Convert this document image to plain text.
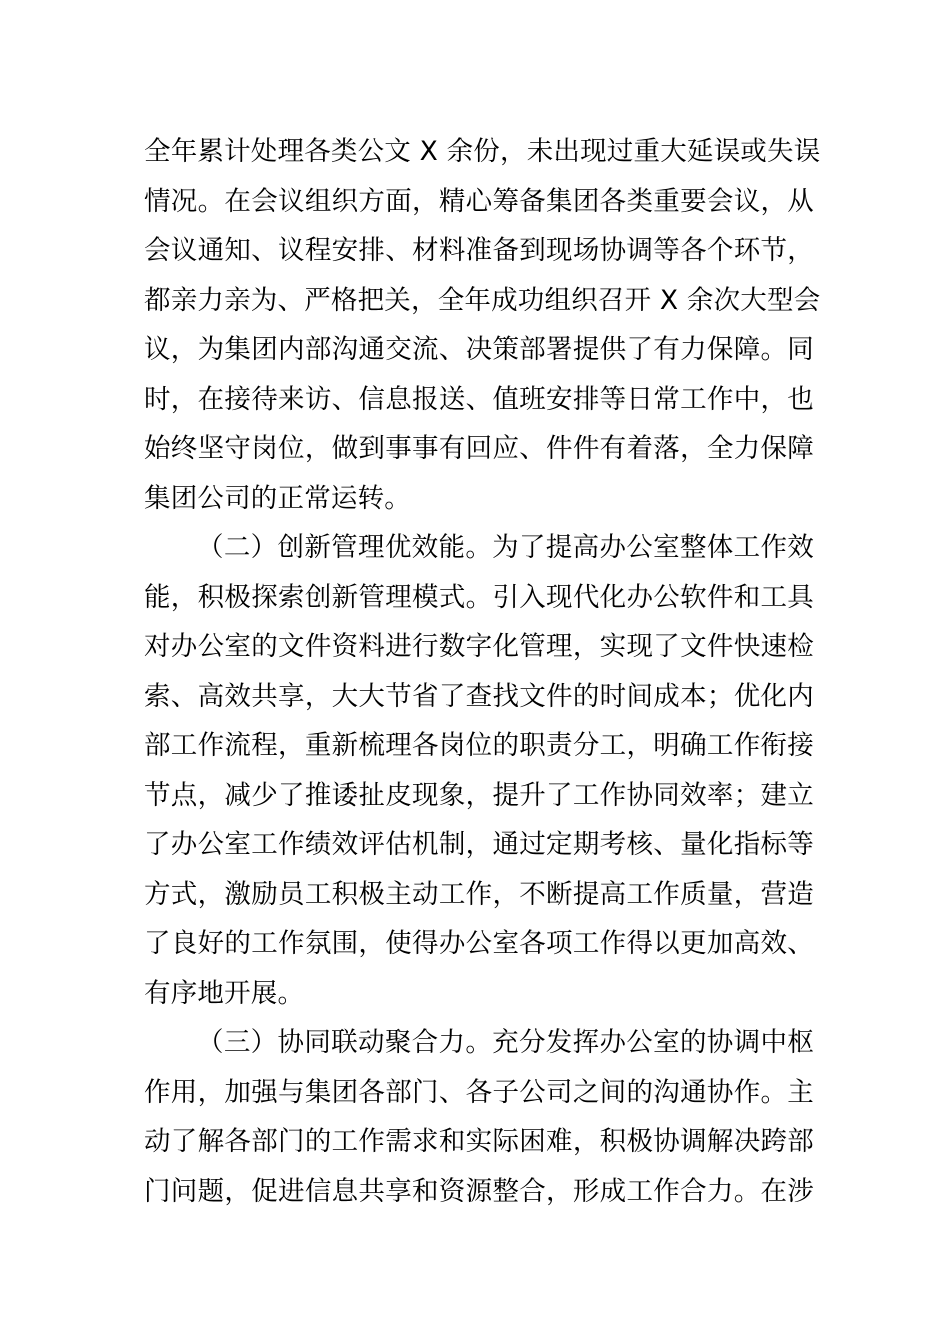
全年累计处理各类公文 X 余份，未出现过重大延误或失误
情况。在会议组织方面，精心筹备集团各类重要会议，从
会议通知、议程安排、材料准备到现场协调等各个环节，
都亲力亲为、严格把关，全年成功组织召开 X 余次大型会
议，为集团内部沟通交流、决策部署提供了有力保障。同
时，在接待来访、信息报送、值班安排等日常工作中，也
始终坚守岗位，做到事事有回应、件件有着落，全力保障
集团公司的正常运转。
（二）创新管理优效能。为了提高办公室整体工作效
能，积极探索创新管理模式。引入现代化办公软件和工具
对办公室的文件资料进行数字化管理，实现了文件快速检
索、高效共享，大大节省了查找文件的时间成本；优化内
部工作流程，重新梳理各岗位的职责分工，明确工作衔接
节点，减少了推诿扯皮现象，提升了工作协同效率；建立
了办公室工作绩效评估机制，通过定期考核、量化指标等
方式，激励员工积极主动工作，不断提高工作质量，营造
了良好的工作氛围，使得办公室各项工作得以更加高效、
有序地开展。
（三）协同联动聚合力。充分发挥办公室的协调中枢
作用，加强与集团各部门、各子公司之间的沟通协作。主
动了解各部门的工作需求和实际困难，积极协调解决跨部
门问题，促进信息共享和资源整合，形成工作合力。在涉
